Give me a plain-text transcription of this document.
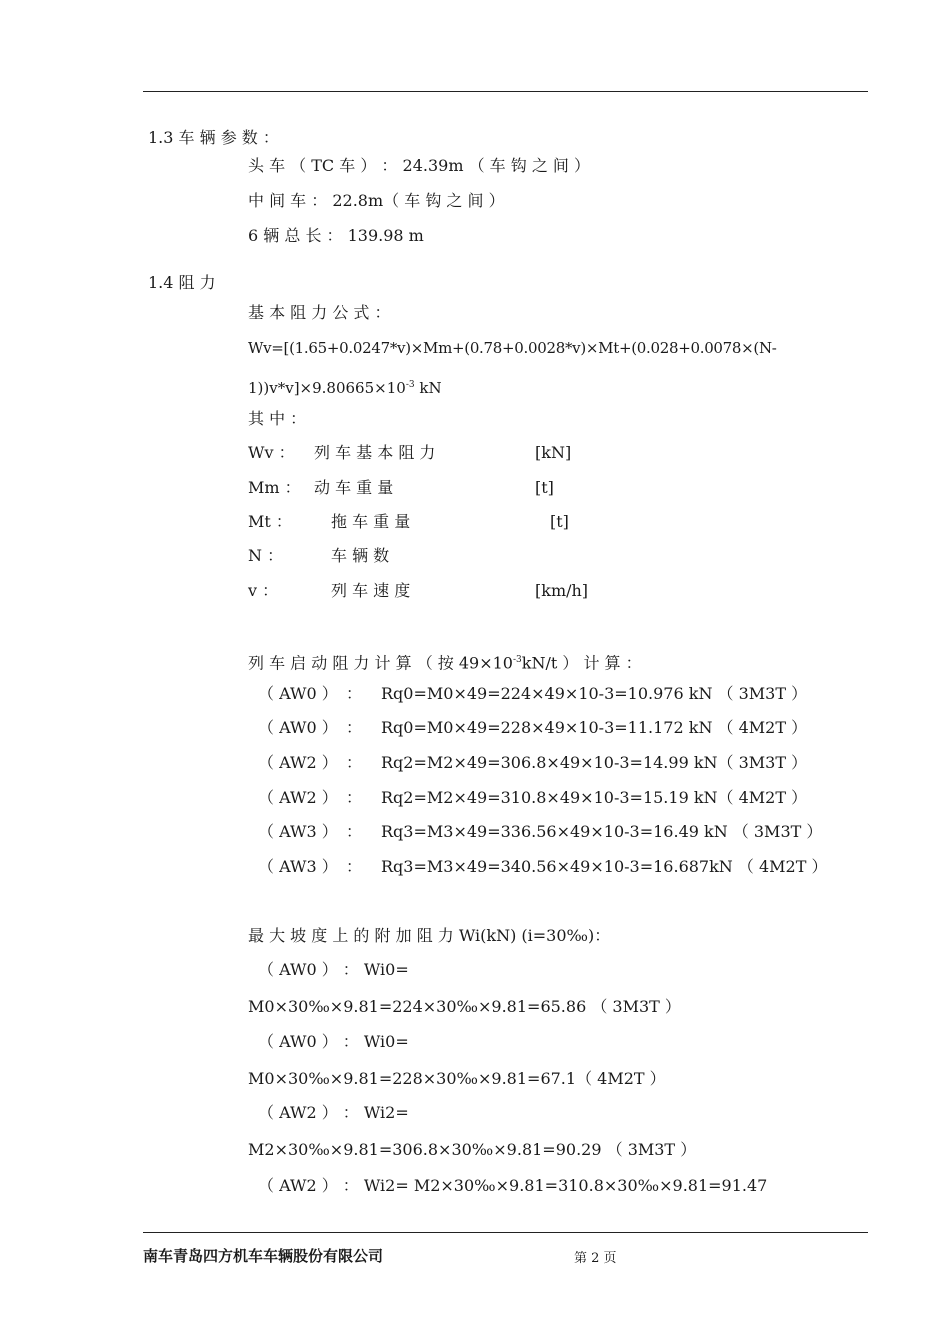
1.3 车 辆 参 数 ：
头 车 （ TC 车 ） ： 24.39m （ 车 钩 之 间 ）
中 间 车 ： 22.8m（ 车 钩 之 间 ）
6 辆 总 长 ： 139.98 m
1.4 阻 力
基 本 阻 力 公 式 ：
Wv=[(1.65+0.0247*v)×Mm+(0.78+0.0028*v)×Mt+(0.028+0.0078×(N-
$1))v*v]\times 9.80665\times 10^{-3}$ kN
其 中 ：
Wv ： 列 车 基 本 阻 力	[kN]
Mm ： 动 车 重 量	[t]
Mt ： 拖 车 重 量	[t]
N ：	车 辆 数
v ：	列 车 速 度	[km/h]
列 车 启 动 阻 力 计 算 （ 按 $49\times 10^{-3}kN/t$ ） 计 算 ：
（ AW0 ） ： Rq0=M0×49=224×49×10-3=10.976 kN （ 3M3T ）
（ AW0 ） ： Rq0=M0×49=228×49×10-3=11.172 kN （ 4M2T ）
（ AW2 ） ： Rq2=M2×49=306.8×49×10-3=14.99 kN（ 3M3T ）
（ AW2 ） ： Rq2=M2×49=310.8×49×10-3=15.19 kN（ 4M2T ）
（ AW3 ） ： Rq3=M3×49=336.56×49×10-3=16.49 kN （ 3M3T ）
（ AW3 ） ： Rq3=M3×49=340.56×49×10-3=16.687kN （ 4M2T ）
最 大 坡 度 上 的 附 加 阻 力 Wi(kN) (i=30‰)：
（ AW0 ） ： Wi0=
M0×30‰×9.81=224×30‰×9.81=65.86 （ 3M3T ）
（ AW0 ） ： Wi0=
M0×30‰×9.81=228×30‰×9.81=67.1（ 4M2T ）
（ AW2 ） ： Wi2=
M2×30‰×9.81=306.8×30‰×9.81=90.29 （ 3M3T ）
（ AW2 ） ： Wi2= M2×30‰×9.81=310.8×30‰×9.81=91.47
南车青岛四方机车车辆股份有限公司	第 2 页
